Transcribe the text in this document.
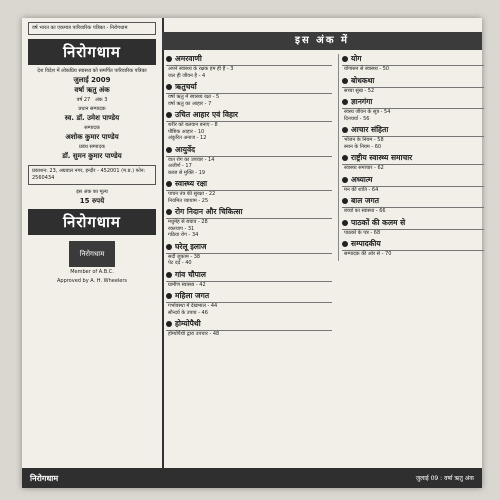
वर्ष भारत का एकमात्र पारिवारिक पत्रिका - निरोगधाम
निरोगधाम
देश विदेश में लोकप्रिय स्वास्थ्य को समर्पित पारिवारिक पत्रिका
जुलाई 2009
वर्षा ऋतु अंक
वर्ष 27 अंक 3
प्रधान सम्पादक
स्व. डॉ. उमेश पाण्डेय
सम्पादक
अशोक कुमार पाण्डेय
प्रबंध सम्पादक
डॉ. सुमन कुमार पाण्डेय
प्रकाशन: 23, अग्रवाल नगर, इन्दौर - 452001 (म.प्र.) फोन: 2560434
इस अंक का मूल्य
15 रुपये
निरोगधाम
निरोगधाम
Member of A.B.C.
Approved by A. H. Wheelers
इस अंक में
अमरवाणी
अपने स्वास्थ्य के रक्षक हम ही हैं - 3
जल ही जीवन है - 4
ऋतुचर्या
वर्षा ऋतु में स्वास्थ्य रक्षा - 5
वर्षा ऋतु का आहार - 7
उचित आहार एवं विहार
शरीर को बलवान बनाए - 8
पौष्टिक आहार - 10
अंकुरित अनाज - 12
आयुर्वेद
वात रोग का उपचार - 14
अजीर्ण - 17
कब्ज से मुक्ति - 19
स्वास्थ्य रक्षा
पाचन तंत्र की सुरक्षा - 22
नियमित व्यायाम - 25
रोग निदान और चिकित्सा
मधुमेह से बचाव - 28
रक्तचाप - 31
गठिया रोग - 34
घरेलू इलाज
सर्दी जुकाम - 38
पेट दर्द - 40
गांव चौपाल
ग्रामीण स्वास्थ्य - 42
महिला जगत
गर्भावस्था में देखभाल - 44
सौन्दर्य के उपाय - 46
होम्योपैथी
होम्योपैथी द्वारा उपचार - 48
योग
योगासन से स्वास्थ्य - 50
बोधकथा
सच्चा सुख - 52
ज्ञानगंगा
स्वस्थ जीवन के सूत्र - 54
दिनचर्या - 56
आचार संहिता
भोजन के नियम - 58
स्नान के नियम - 60
राष्ट्रीय स्वास्थ्य समाचार
स्वास्थ्य समाचार - 62
अध्यात्म
मन की शांति - 64
बाल जगत
बच्चों का स्वास्थ्य - 66
पाठकों की कलम से
पाठकों के पत्र - 68
सम्पादकीय
सम्पादक की ओर से - 70
निरोगधाम	जुलाई 09 : वर्षा ऋतु अंक
